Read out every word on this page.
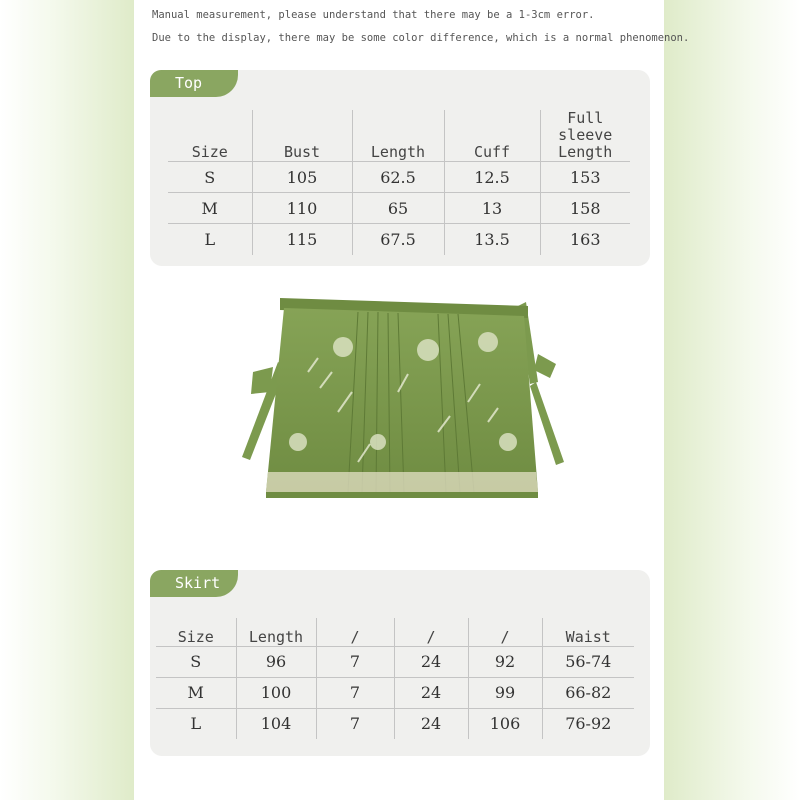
Manual measurement, please understand that there may be a 1-3cm error.
Due to the display, there may be some color difference, which is a normal phenomenon.
Top
Size	Bust	Length	Cuff	Full sleeve
Length

S	105	62.5	12.5	153
M	110	65	13	158
L	115	67.5	13.5	163
Skirt
Size	Length	/	/	/	Waist
S	96	7	24	92	56-74
M	100	7	24	99	66-82
L	104	7	24	106	76-92
